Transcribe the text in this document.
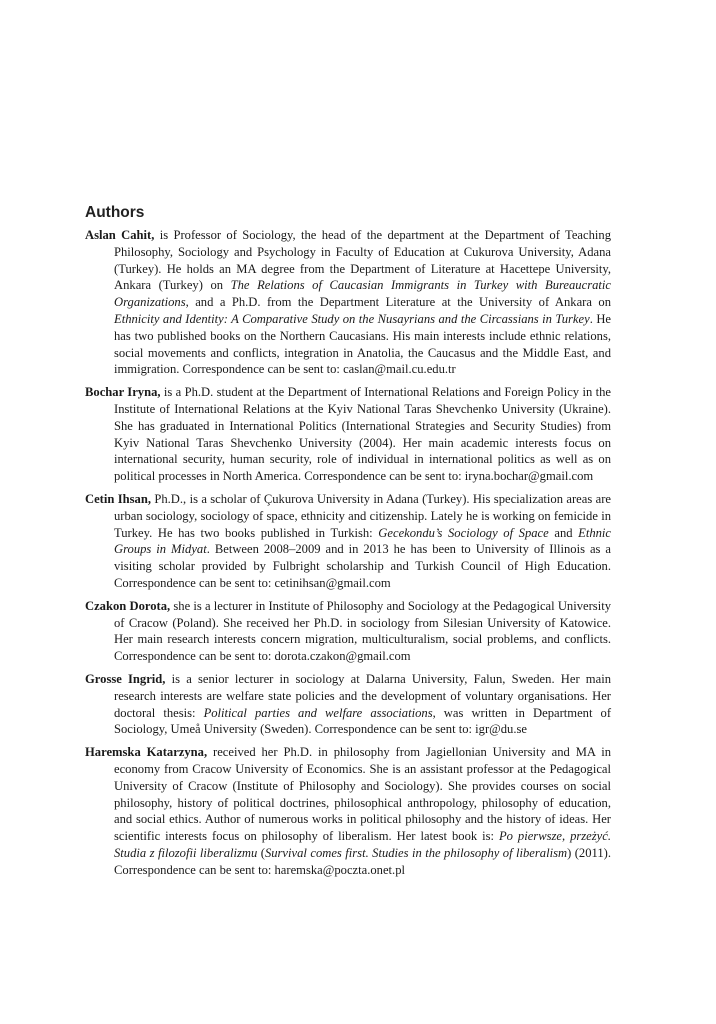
Authors

Aslan Cahit, is Professor of Sociology, the head of the department at the Department of Teaching Philosophy, Sociology and Psychology in Faculty of Education at Cukurova University, Adana (Turkey). He holds an MA degree from the Department of Literature at Hacettepe University, Ankara (Turkey) on The Relations of Caucasian Immigrants in Turkey with Bureaucratic Organizations, and a Ph.D. from the Department Literature at the University of Ankara on Ethnicity and Identity: A Comparative Study on the Nusayrians and the Circassians in Turkey. He has two published books on the Northern Caucasians. His main interests include ethnic relations, social movements and conflicts, integration in Anatolia, the Caucasus and the Middle East, and immigration. Correspondence can be sent to: caslan@mail.cu.edu.tr

Bochar Iryna, is a Ph.D. student at the Department of International Relations and Foreign Policy in the Institute of International Relations at the Kyiv National Taras Shevchenko University (Ukraine). She has graduated in International Politics (International Strategies and Security Studies) from Kyiv National Taras Shevchenko University (2004). Her main academic interests focus on international security, human security, role of individual in international politics as well as on political processes in North America. Correspondence can be sent to: iryna.bochar@gmail.com

Cetin Ihsan, Ph.D., is a scholar of Çukurova University in Adana (Turkey). His specialization areas are urban sociology, sociology of space, ethnicity and citizenship. Lately he is working on femicide in Turkey. He has two books published in Turkish: Gecekondu’s Sociology of Space and Ethnic Groups in Midyat. Between 2008–2009 and in 2013 he has been to University of Illinois as a visiting scholar provided by Fulbright scholarship and Turkish Council of High Education. Correspondence can be sent to: cetinihsan@gmail.com

Czakon Dorota, she is a lecturer in Institute of Philosophy and Sociology at the Pedagogical University of Cracow (Poland). She received her Ph.D. in sociology from Silesian University of Katowice. Her main research interests concern migration, multiculturalism, social problems, and conflicts. Correspondence can be sent to: dorota.czakon@gmail.com

Grosse Ingrid, is a senior lecturer in sociology at Dalarna University, Falun, Sweden. Her main research interests are welfare state policies and the development of voluntary organisations. Her doctoral thesis: Political parties and welfare associations, was written in Department of Sociology, Umeå University (Sweden). Correspondence can be sent to: igr@du.se

Haremska Katarzyna, received her Ph.D. in philosophy from Jagiellonian University and MA in economy from Cracow University of Economics. She is an assistant professor at the Pedagogical University of Cracow (Institute of Philosophy and Sociology). She provides courses on social philosophy, history of political doctrines, philosophical anthropology, philosophy of education, and social ethics. Author of numerous works in political philosophy and the history of ideas. Her scientific interests focus on philosophy of liberalism. Her latest book is: Po pierwsze, przeżyć. Studia z filozofii liberalizmu (Survival comes first. Studies in the philosophy of liberalism) (2011). Correspondence can be sent to: haremska@poczta.onet.pl
